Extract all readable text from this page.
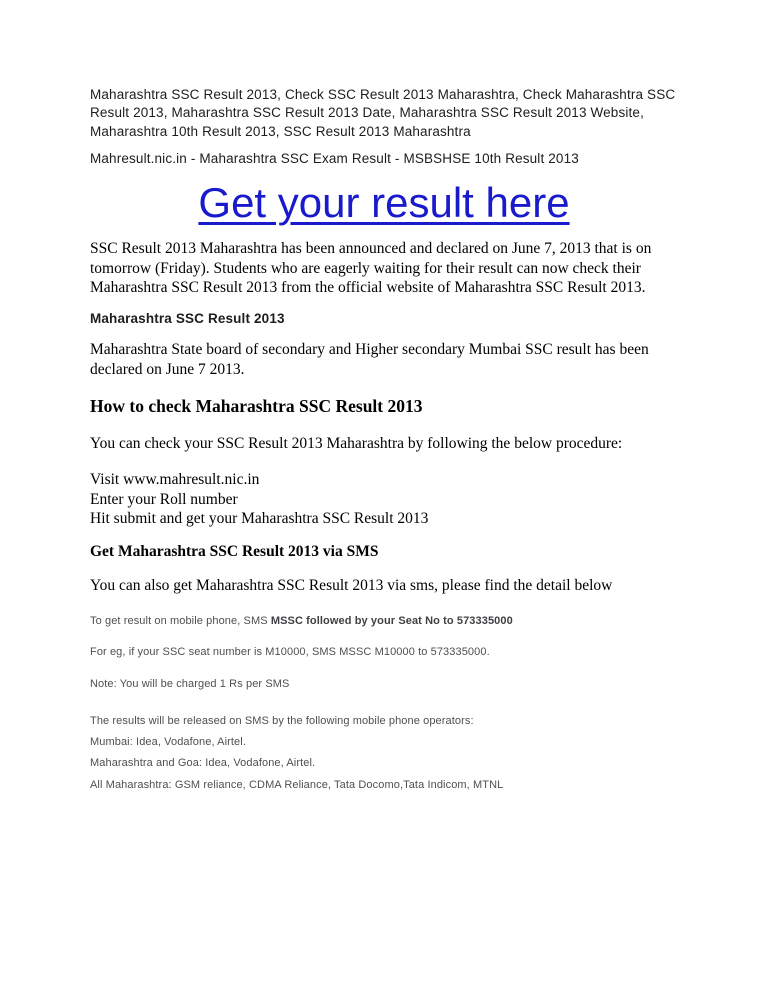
Maharashtra SSC Result 2013, Check SSC Result 2013 Maharashtra, Check Maharashtra SSC Result 2013, Maharashtra SSC Result 2013 Date, Maharashtra SSC Result 2013 Website, Maharashtra 10th Result 2013, SSC Result 2013 Maharashtra

Mahresult.nic.in - Maharashtra SSC Exam Result - MSBSHSE 10th Result 2013

Get your result here

SSC Result 2013 Maharashtra has been announced and declared on June 7, 2013 that is on tomorrow (Friday). Students who are eagerly waiting for their result can now check their Maharashtra SSC Result 2013 from the official website of Maharashtra SSC Result 2013.

Maharashtra SSC Result 2013

Maharashtra State board of secondary and Higher secondary Mumbai SSC result has been declared on June 7 2013.

How to check Maharashtra SSC Result 2013

You can check your SSC Result 2013 Maharashtra by following the below procedure:

Visit www.mahresult.nic.in

Enter your Roll number

Hit submit and get your Maharashtra SSC Result 2013

Get Maharashtra SSC Result 2013 via SMS

You can also get Maharashtra SSC Result 2013 via sms, please find the detail below

To get result on mobile phone, SMS MSSC followed by your Seat No to 573335000

For eg, if your SSC seat number is M10000, SMS MSSC M10000 to 573335000.

Note: You will be charged 1 Rs per SMS

The results will be released on SMS by the following mobile phone operators:

Mumbai: Idea, Vodafone, Airtel.

Maharashtra and Goa: Idea, Vodafone, Airtel.

All Maharashtra: GSM reliance, CDMA Reliance, Tata Docomo,Tata Indicom, MTNL
